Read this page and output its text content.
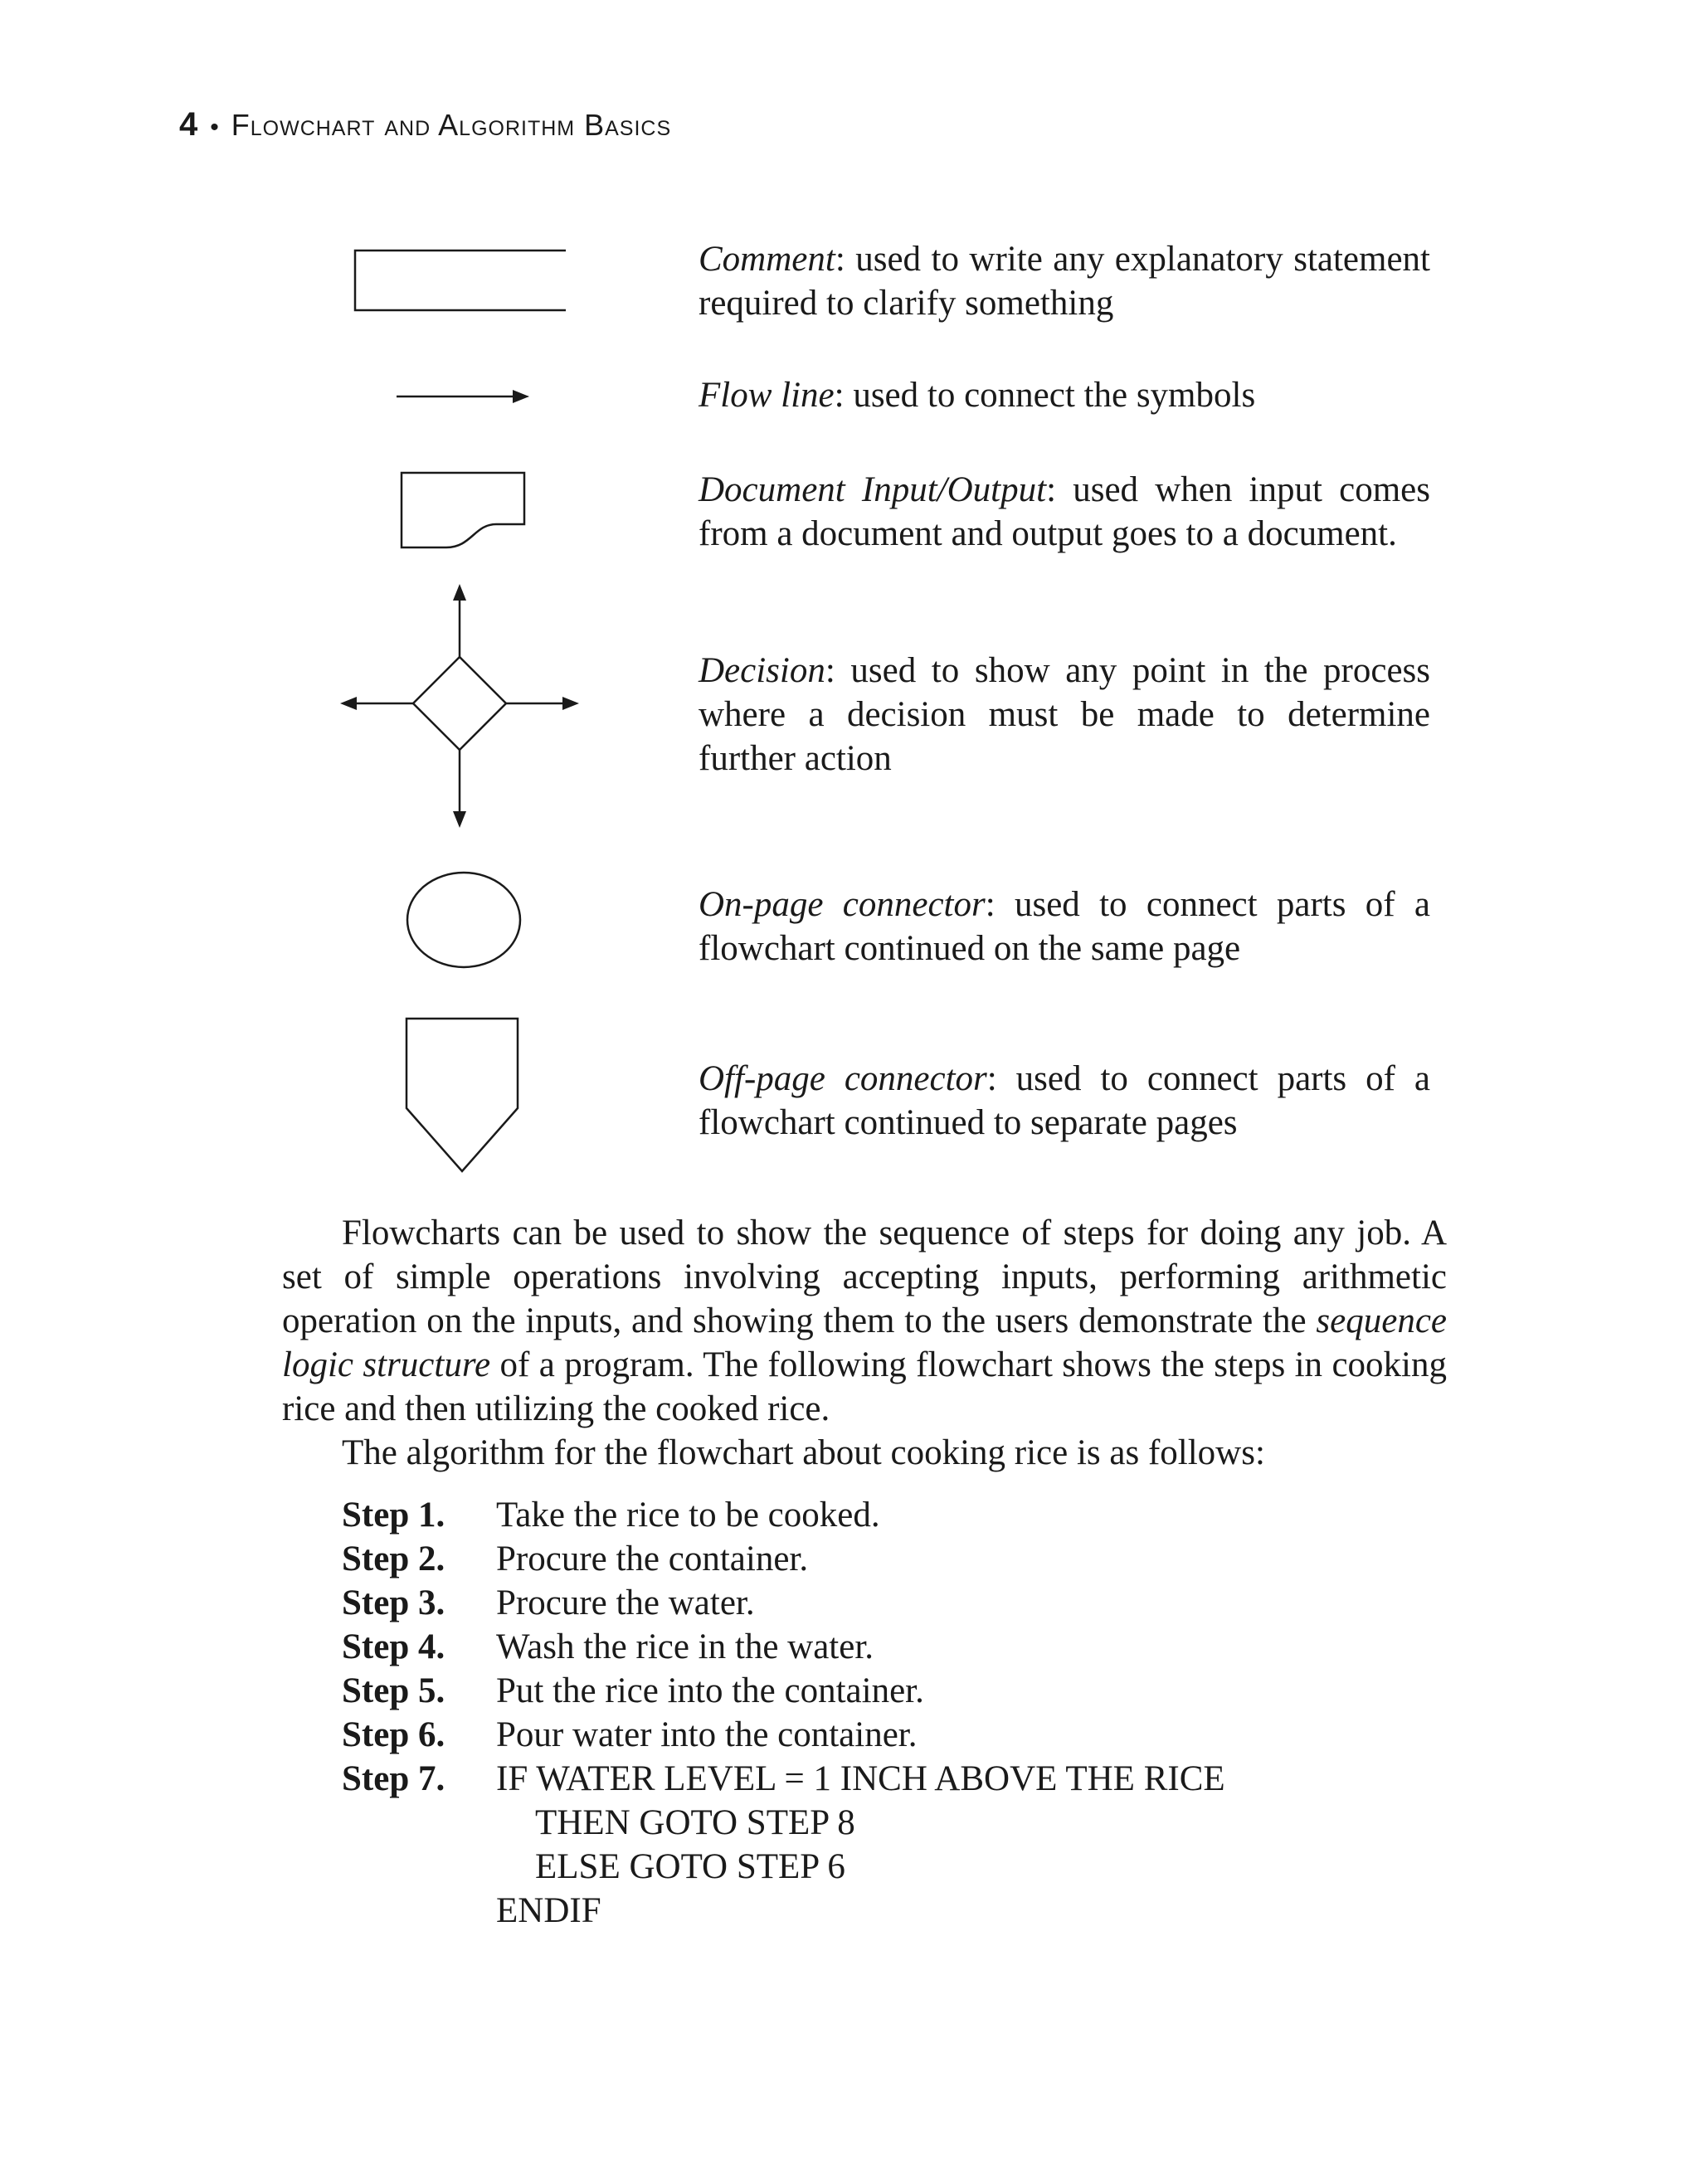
4 • Flowchart and Algorithm Basics
Comment: used to write any explanatory statement required to clarify something
Flow line: used to connect the symbols
Document Input/Output: used when input comes from a document and output goes to a document.
Decision: used to show any point in the process where a decision must be made to determine further action
On-page connector: used to connect parts of a flowchart continued on the same page
Off-page connector: used to connect parts of a flowchart continued to separate pages

Flowcharts can be used to show the sequence of steps for doing any job. A set of simple operations involving accepting inputs, performing arithmetic operation on the inputs, and showing them to the users demonstrate the sequence logic structure of a program. The following flowchart shows the steps in cooking rice and then utilizing the cooked rice.

The algorithm for the flowchart about cooking rice is as follows:

Step 1.	Take the rice to be cooked.
Step 2.	Procure the container.
Step 3.	Procure the water.
Step 4.	Wash the rice in the water.
Step 5.	Put the rice into the container.
Step 6.	Pour water into the container.
Step 7.	IF WATER LEVEL = 1 INCH ABOVE THE RICE
THEN GOTO STEP 8
ELSE GOTO STEP 6
ENDIF
